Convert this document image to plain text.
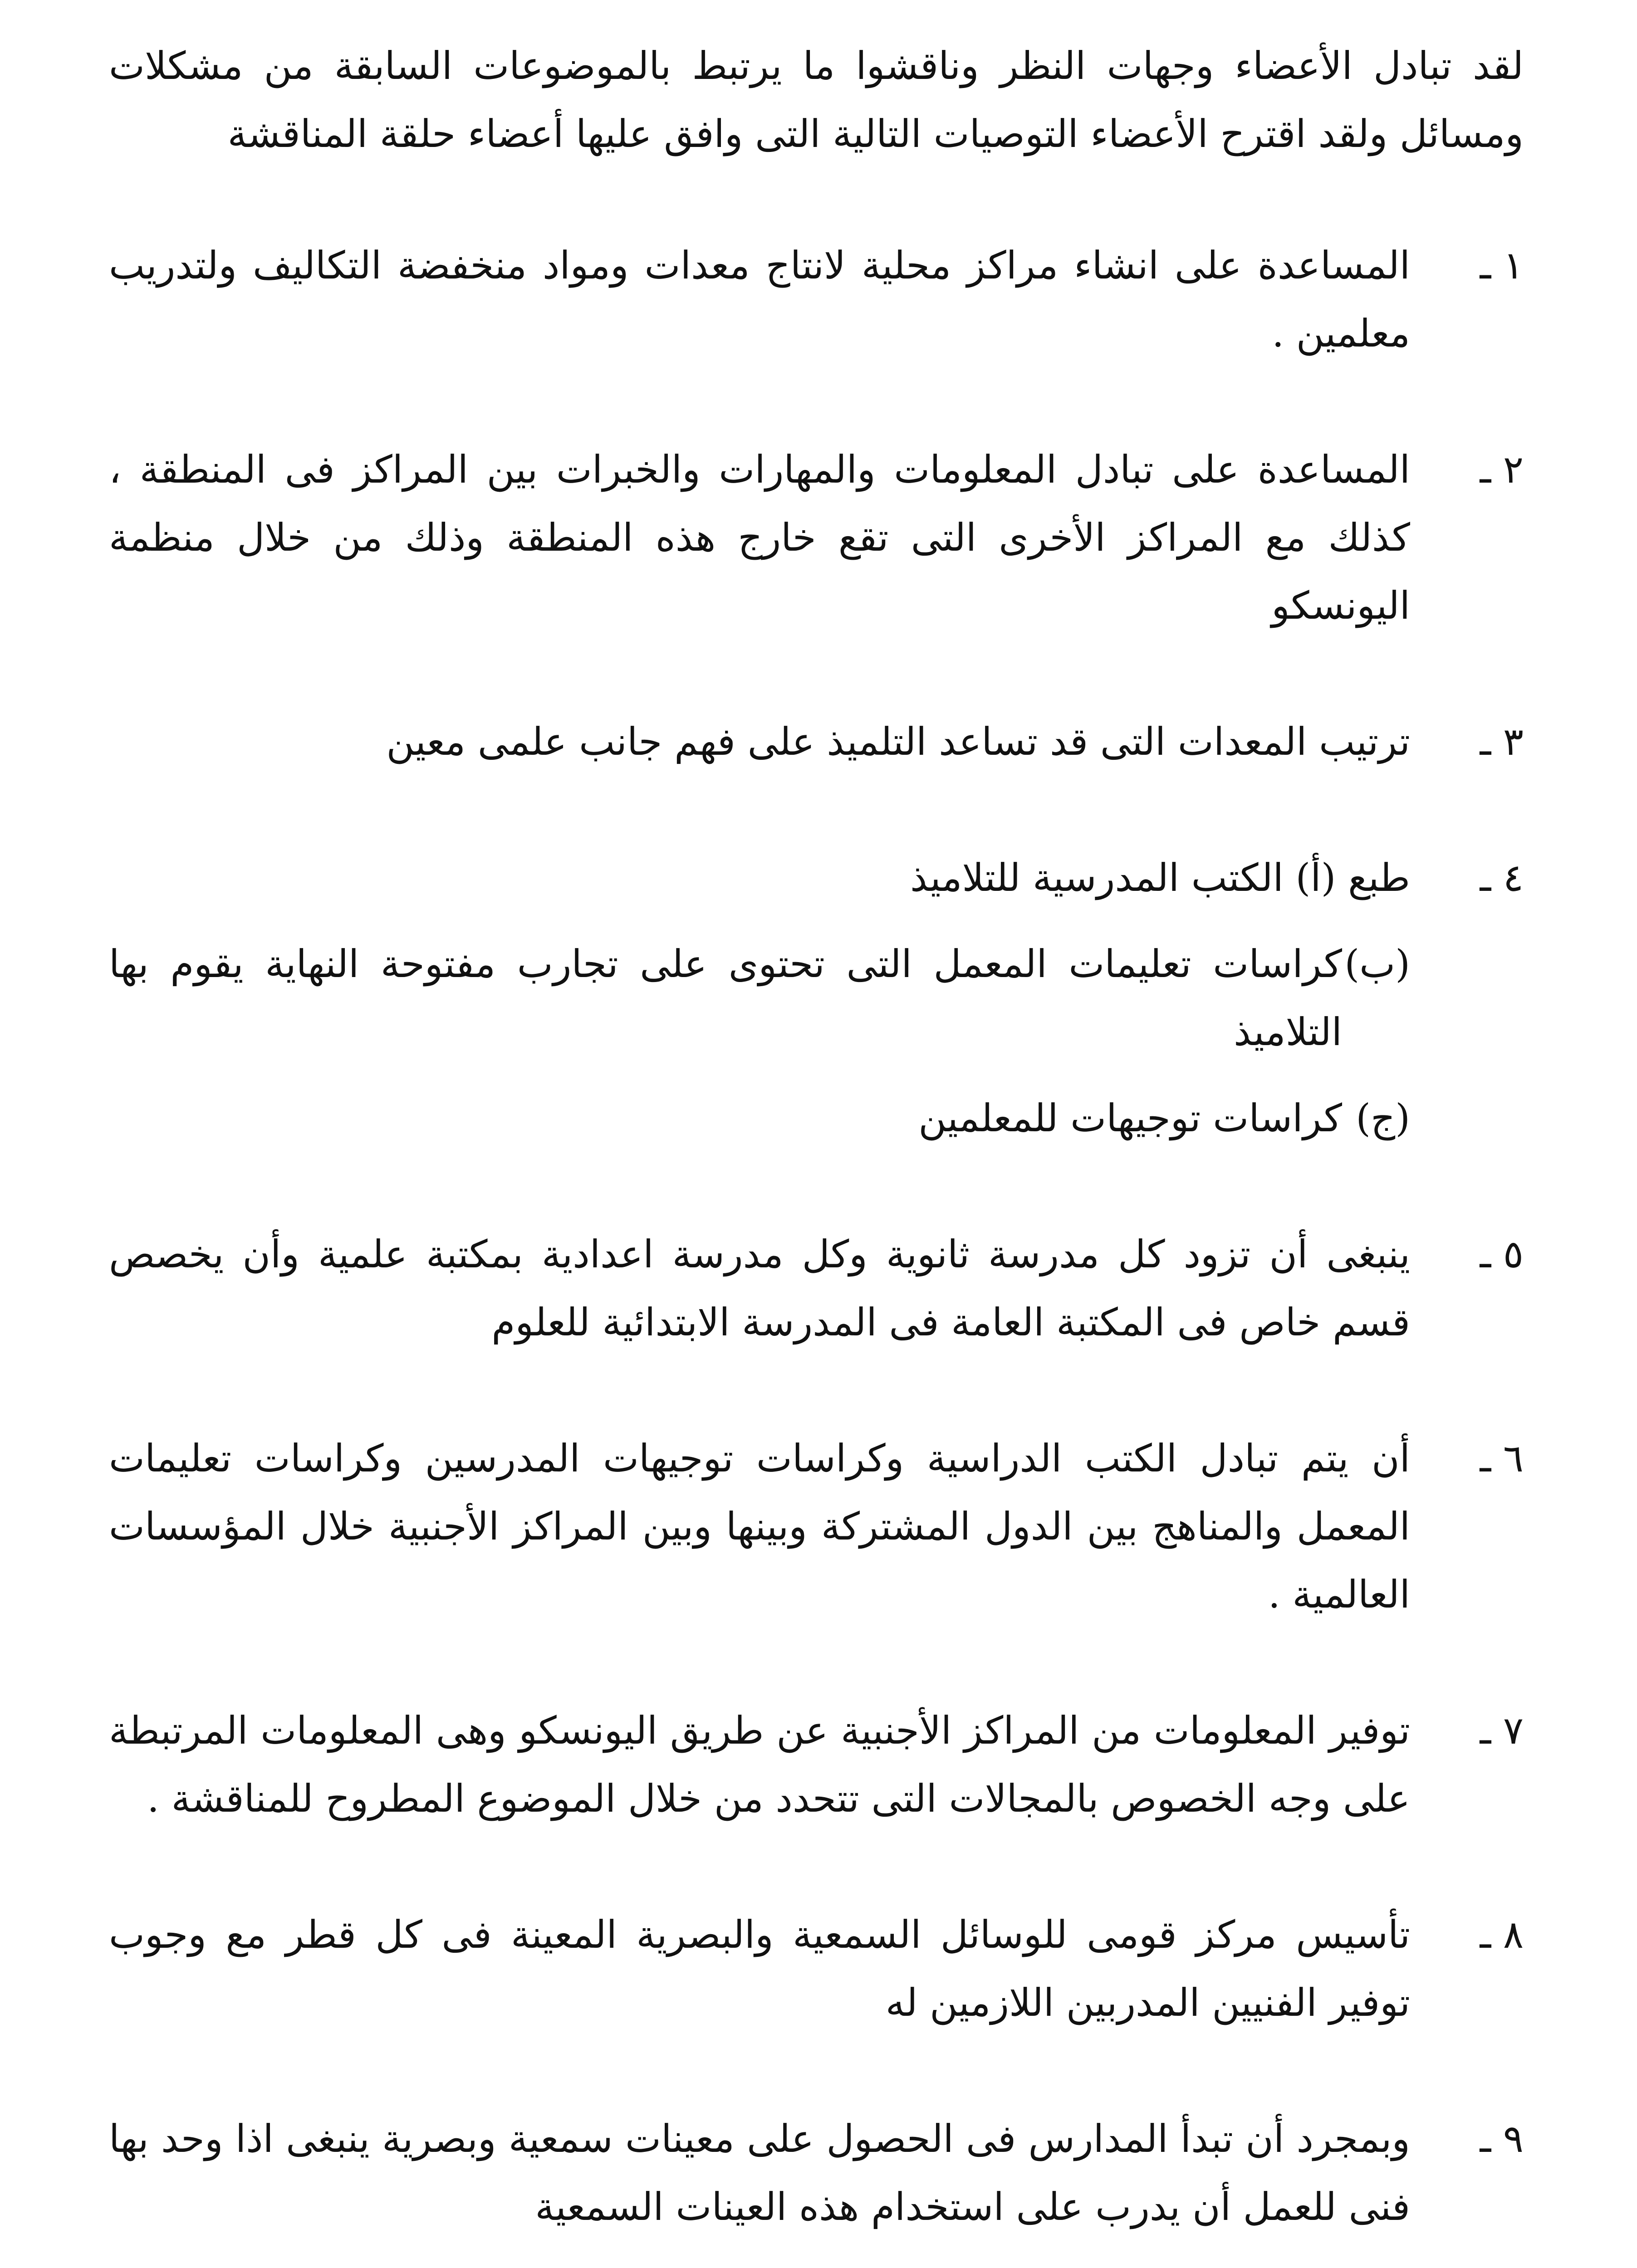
لقد تبادل الأعضاء وجهات النظر وناقشوا ما يرتبط بالموضوعات السابقة من مشكلات ومسائل ولقد اقترح الأعضاء التوصيات التالية التى وافق عليها أعضاء حلقة المناقشة

١ ـ
المساعدة على انشاء مراكز محلية لانتاج معدات ومواد منخفضة التكاليف ولتدريب معلمين .
٢ ـ
المساعدة على تبادل المعلومات والمهارات والخبرات بين المراكز فى المنطقة ، كذلك مع المراكز الأخرى التى تقع خارج هذه المنطقة وذلك من خلال منظمة اليونسكو
٣ ـ
ترتيب المعدات التى قد تساعد التلميذ على فهم جانب علمى معين
٤ ـ
طبع (أ) الكتب المدرسية للتلاميذ
(ب)
كراسات تعليمات المعمل التى تحتوى على تجارب مفتوحة النهاية يقوم بها التلاميذ
(ج)
كراسات توجيهات للمعلمين
٥ ـ
ينبغى أن تزود كل مدرسة ثانوية وكل مدرسة اعدادية بمكتبة علمية وأن يخصص قسم خاص فى المكتبة العامة فى المدرسة الابتدائية للعلوم
٦ ـ
أن يتم تبادل الكتب الدراسية وكراسات توجيهات المدرسين وكراسات تعليمات المعمل والمناهج بين الدول المشتركة وبينها وبين المراكز الأجنبية خلال المؤسسات العالمية .
٧ ـ
توفير المعلومات من المراكز الأجنبية عن طريق اليونسكو وهى المعلومات المرتبطة على وجه الخصوص بالمجالات التى تتحدد من خلال الموضوع المطروح للمناقشة .
٨ ـ
تأسيس مركز قومى للوسائل السمعية والبصرية المعينة فى كل قطر مع وجوب توفير الفنيين المدربين اللازمين له
٩ ـ
وبمجرد أن تبدأ المدارس فى الحصول على معينات سمعية وبصرية ينبغى اذا وحد بها فنى للعمل أن يدرب على استخدام هذه العينات السمعية
